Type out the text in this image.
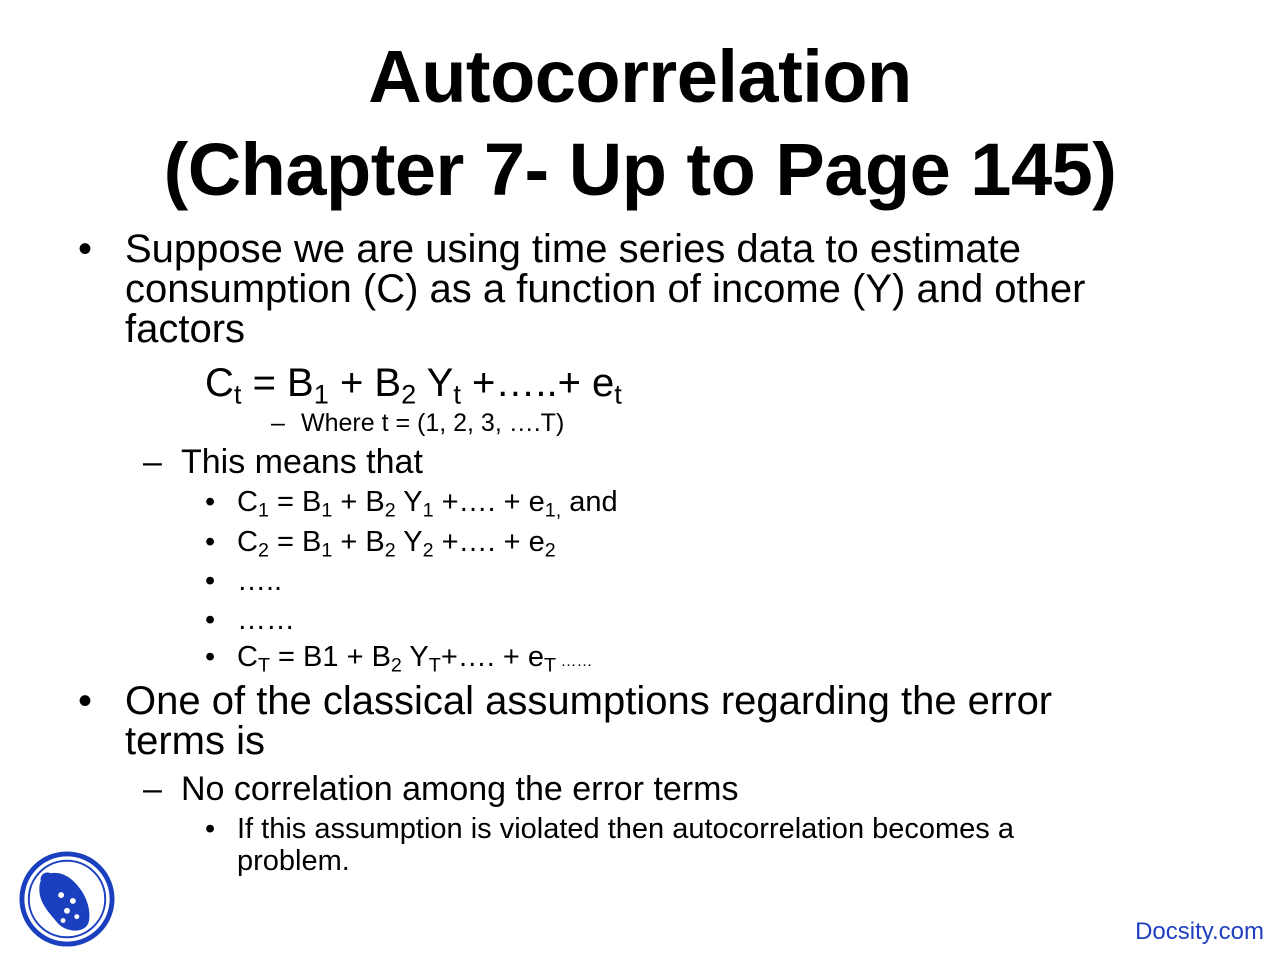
Autocorrelation
(Chapter 7- Up to Page 145)
• Suppose we are using time series data to estimate
consumption (C) as a function of income (Y) and other
factors
$C_t = B_1 + B_2$ $Y_t$ +…..+ $e_t$
– Where t = (1, 2, 3, ….T)
– This means that
• $C_1 = B_1 + B_2$ $Y_1$ +…. + $e_{1,}$ and
• $C_2 = B_1 + B_2$ $Y_2$ +…. + $e_2$
• …..
• ……
• $C_T = B1 + B_2$ $Y_T+\dots$. + $e_T$ ……
• One of the classical assumptions regarding the error
terms is
– No correlation among the error terms
• If this assumption is violated then autocorrelation becomes a
problem.
Docsity.com
